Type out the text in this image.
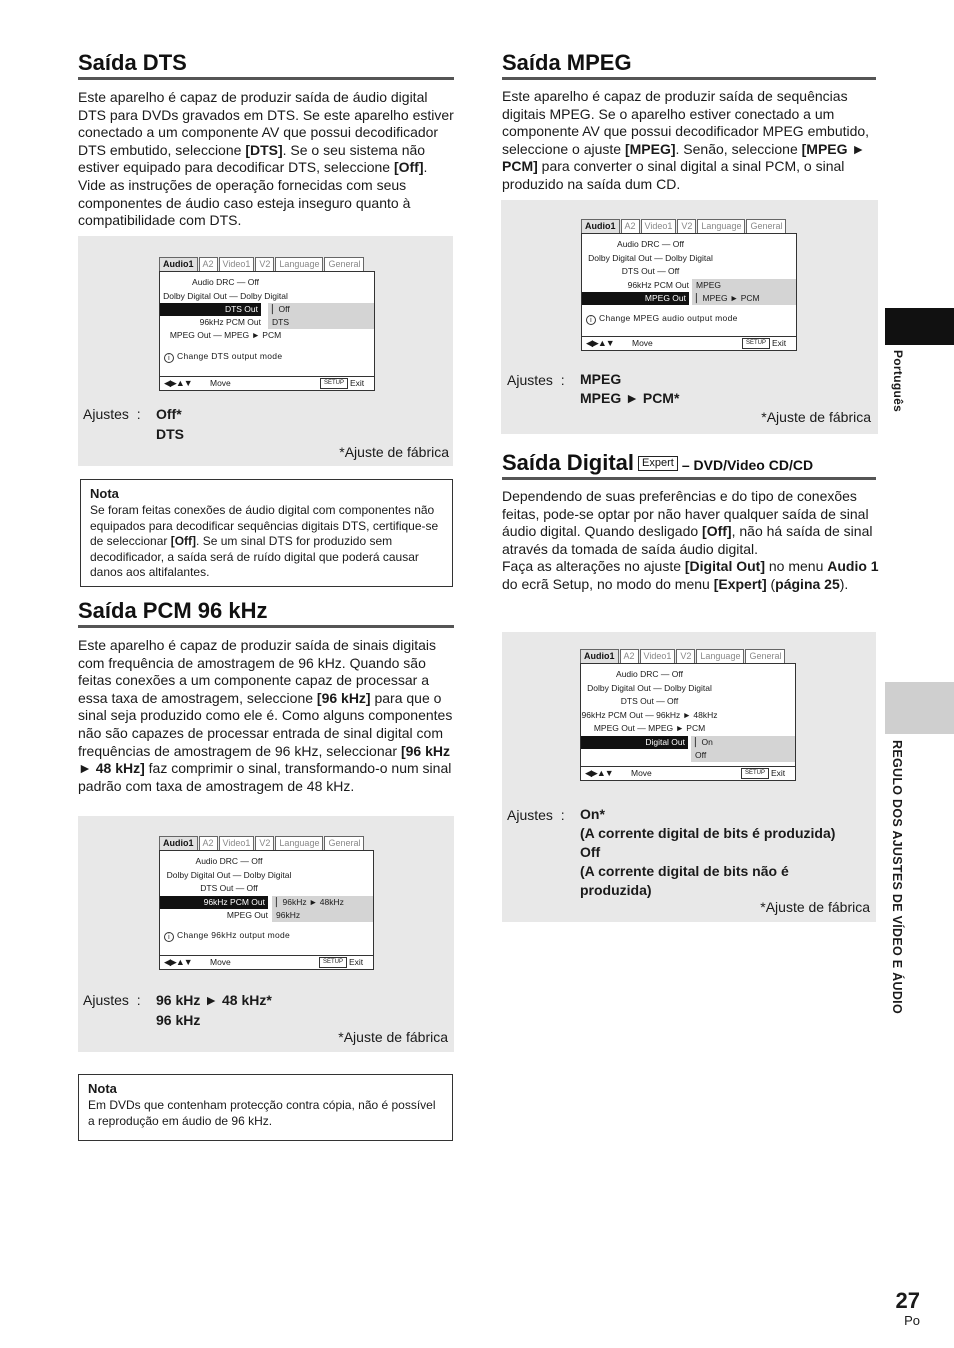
Saída DTS

Este aparelho é capaz de produzir saída de áudio digital DTS para DVDs gravados em DTS. Se este aparelho estiver conectado a um componente AV que possui decodificador DTS embutido, seleccione [DTS]. Se o seu sistema não estiver equipado para decodificar DTS, seleccione [Off]. Vide as instruções de operação fornecidas com seus componentes de áudio caso esteja inseguro quanto à compatibilidade com DTS.

Ajustes  : Off*
DTS
*Ajuste de fábrica
Audio1	A2	Video1	V2	Language	General
Audio DRC — Off
Dolby Digital Out — Dolby Digital
DTS Out	▏Off
96kHz PCM Out	DTS
MPEG Out — MPEG ► PCM
i Change DTS output mode
◀▶▲▼ Move	SETUP Exit
Nota
Se foram feitas conexões de áudio digital com componentes não equipados para decodificar sequências digitais DTS, certifique-se de seleccionar [Off]. Se um sinal DTS for produzido sem decodificador, a saída será de ruído digital que poderá causar danos aos altifalantes.
Saída PCM 96 kHz

Este aparelho é capaz de produzir saída de sinais digitais com frequência de amostragem de 96 kHz. Quando são feitas conexões a um componente capaz de processar a essa taxa de amostragem, seleccione [96 kHz] para que o sinal seja produzido como ele é. Como alguns componentes não são capazes de processar entrada de sinal digital com frequências de amostragem de 96 kHz, seleccionar [96 kHz ► 48 kHz] faz comprimir o sinal, transformando-o num sinal padrão com taxa de amostragem de 48 kHz.

Ajustes  : 96 kHz ► 48 kHz*
96 kHz
*Ajuste de fábrica
Audio1	A2	Video1	V2	Language	General
Audio DRC — Off
Dolby Digital Out — Dolby Digital
DTS Out — Off
96kHz PCM Out	▏96kHz ► 48kHz
MPEG Out 96kHz
i Change 96kHz output mode
◀▶▲▼ Move	SETUP Exit
Nota
Em DVDs que contenham protecção contra cópia, não é possível a reprodução em áudio de 96 kHz.
Saída MPEG

Este aparelho é capaz de produzir saída de sequências digitais MPEG. Se o aparelho estiver conectado a um componente AV que possui decodificador MPEG embutido, seleccione o ajuste [MPEG]. Senão, seleccione [MPEG ► PCM] para converter o sinal digital a sinal PCM, o sinal produzido na saída dum CD.

Ajustes  : MPEG
MPEG ► PCM*
*Ajuste de fábrica
Audio1	A2	Video1	V2	Language	General
Audio DRC — Off
Dolby Digital Out — Dolby Digital
DTS Out — Off
96kHz PCM Out MPEG
MPEG Out	▏MPEG ► PCM
i Change MPEG audio output mode
◀▶▲▼ Move	SETUP Exit
Saída Digital Expert – DVD/Video CD/CD

Dependendo de suas preferências e do tipo de conexões feitas, pode-se optar por não haver qualquer saída de sinal áudio digital. Quando desligado [Off], não há saída de sinal através da tomada de saída áudio digital.
Faça as alterações no ajuste [Digital Out] no menu Audio 1 do ecrã Setup, no modo do menu [Expert] (página 25).

Ajustes  : On*
(A corrente digital de bits é produzida)
Off
(A corrente digital de bits não é produzida)
*Ajuste de fábrica
Audio1	A2	Video1	V2	Language	General
Audio DRC — Off
Dolby Digital Out — Dolby Digital
DTS Out — Off
96kHz PCM Out — 96kHz ► 48kHz
MPEG Out — MPEG ► PCM
Digital Out	▏On
Off
◀▶▲▼ Move	SETUP Exit
Português
REGULO DOS AJUSTES DE VÍDEO E ÁUDIO
27
Po
